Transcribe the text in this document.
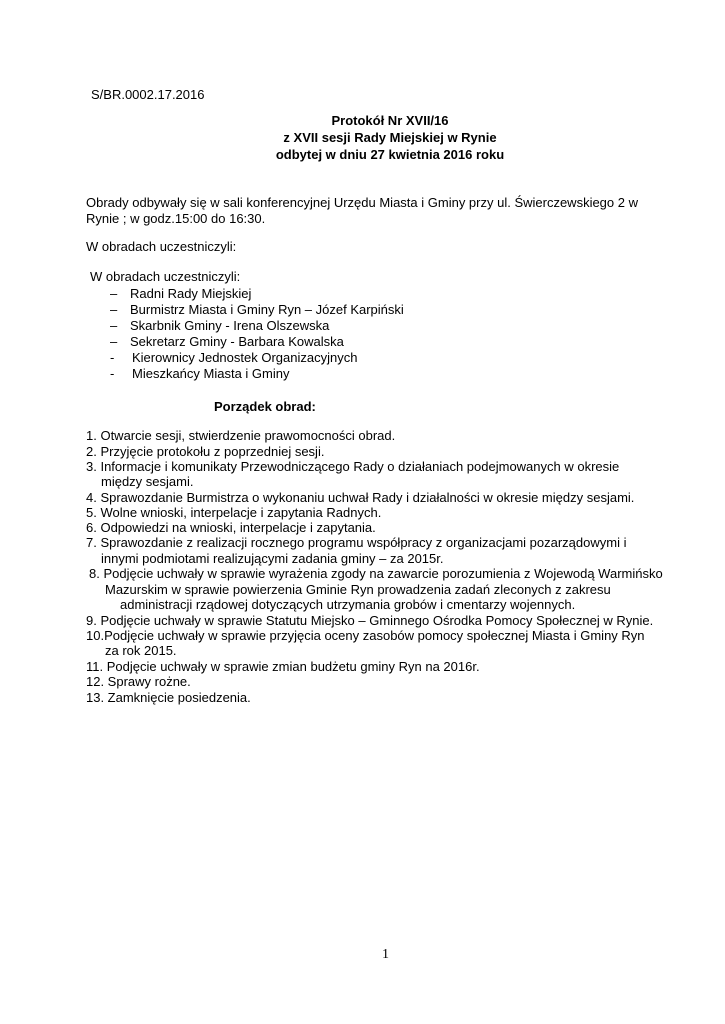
S/BR.0002.17.2016
Protokół Nr XVII/16
z XVII sesji Rady Miejskiej w Rynie
odbytej w dniu 27 kwietnia 2016 roku
Obrady odbywały się w sali konferencyjnej Urzędu Miasta i Gminy przy ul. Świerczewskiego 2 w
Rynie ; w godz.15:00 do 16:30.
W obradach uczestniczyli:
W obradach uczestniczyli:
– Radni Rady Miejskiej
– Burmistrz Miasta i Gminy Ryn – Józef Karpiński
– Skarbnik Gminy - Irena Olszewska
– Sekretarz Gminy - Barbara Kowalska
- Kierownicy Jednostek Organizacyjnych
- Mieszkańcy Miasta i Gminy
Porządek obrad:
1. Otwarcie sesji, stwierdzenie prawomocności obrad.
2. Przyjęcie protokołu z poprzedniej sesji.
3. Informacje i komunikaty Przewodniczącego Rady o działaniach podejmowanych w okresie
między sesjami.
4. Sprawozdanie Burmistrza o wykonaniu uchwał Rady i działalności w okresie między sesjami.
5. Wolne wnioski, interpelacje i zapytania Radnych.
6. Odpowiedzi na wnioski, interpelacje i zapytania.
7. Sprawozdanie z realizacji rocznego programu współpracy z organizacjami pozarządowymi i
innymi podmiotami realizującymi zadania gminy – za 2015r.
8. Podjęcie uchwały w sprawie wyrażenia zgody na zawarcie porozumienia z Wojewodą Warmińsko
Mazurskim w sprawie powierzenia Gminie Ryn prowadzenia zadań zleconych z zakresu
administracji rządowej dotyczących utrzymania grobów i cmentarzy wojennych.
9. Podjęcie uchwały w sprawie Statutu Miejsko – Gminnego Ośrodka Pomocy Społecznej w Rynie.
10.Podjęcie uchwały w sprawie przyjęcia oceny zasobów pomocy społecznej Miasta i Gminy Ryn
za rok 2015.
11. Podjęcie uchwały w sprawie zmian budżetu gminy Ryn na 2016r.
12. Sprawy rożne.
13. Zamknięcie posiedzenia.
1
